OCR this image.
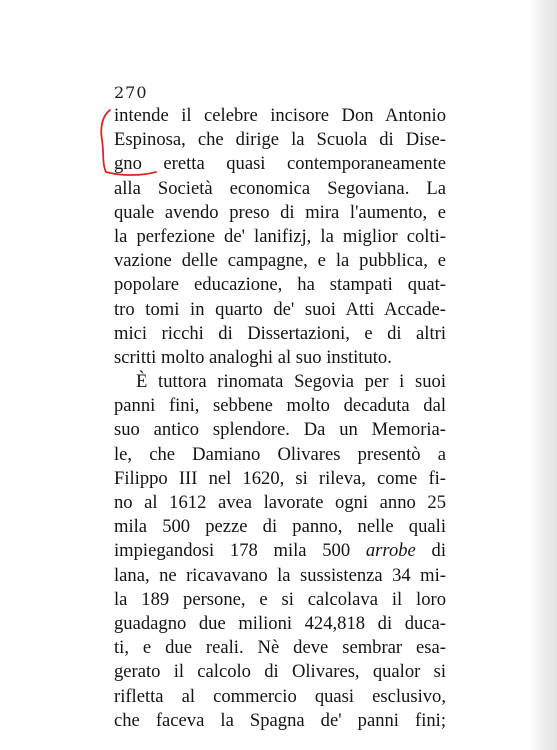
270
intende il celebre incisore Don Antonio
Espinosa, che dirige la Scuola di Dise-
gno eretta quasi contemporaneamente
alla Società economica Segoviana. La
quale avendo preso di mira l'aumento, e
la perfezione de' lanifizj, la miglior colti-
vazione delle campagne, e la pubblica, e
popolare educazione, ha stampati quat-
tro tomi in quarto de' suoi Atti Accade-
mici ricchi di Dissertazioni, e di altri
scritti molto analoghi al suo instituto.
È tuttora rinomata Segovia per i suoi
panni fini, sebbene molto decaduta dal
suo antico splendore. Da un Memoria-
le, che Damiano Olivares presentò a
Filippo III nel 1620, si rileva, come fi-
no al 1612 avea lavorate ogni anno 25
mila 500 pezze di panno, nelle quali
impiegandosi 178 mila 500 arrobe di
lana, ne ricavavano la sussistenza 34 mi-
la 189 persone, e si calcolava il loro
guadagno due milioni 424,818 di duca-
ti, e due reali. Nè deve sembrar esa-
gerato il calcolo di Olivares, qualor si
rifletta al commercio quasi esclusivo,
che faceva la Spagna de' panni fini;
